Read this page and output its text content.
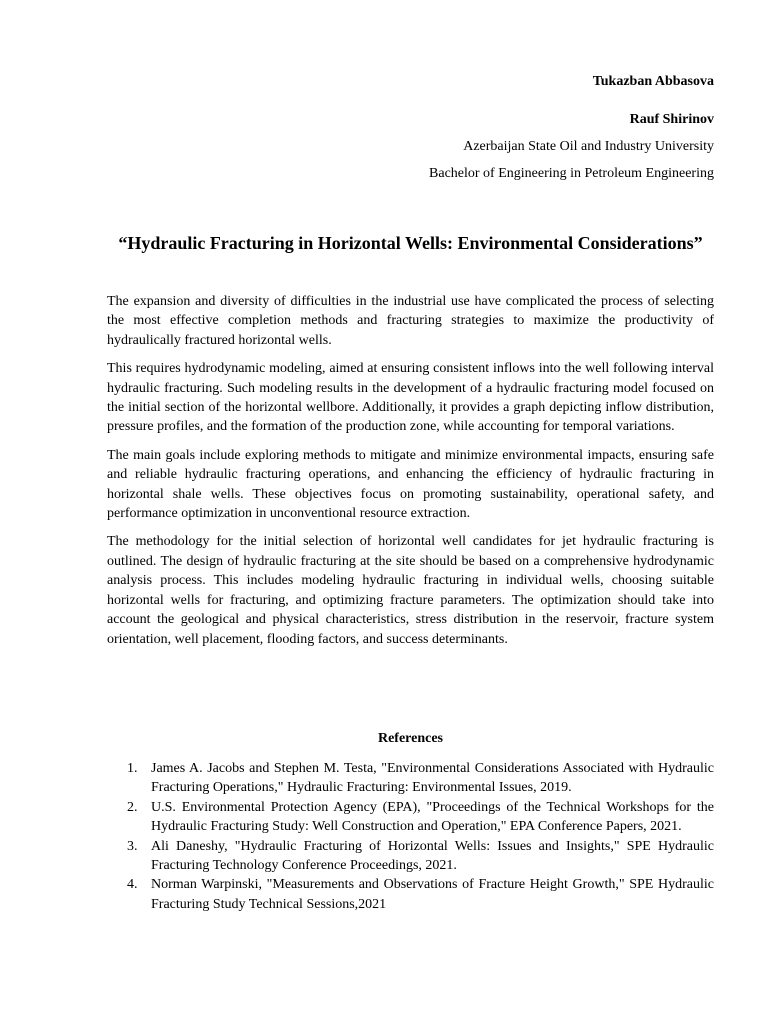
Tukazban Abbasova
Rauf Shirinov
Azerbaijan State Oil and Industry University
Bachelor of Engineering in Petroleum Engineering
“Hydraulic Fracturing in Horizontal Wells: Environmental Considerations”

The expansion and diversity of difficulties in the industrial use have complicated the process of selecting the most effective completion methods and fracturing strategies to maximize the productivity of hydraulically fractured horizontal wells.

This requires hydrodynamic modeling, aimed at ensuring consistent inflows into the well following interval hydraulic fracturing. Such modeling results in the development of a hydraulic fracturing model focused on the initial section of the horizontal wellbore. Additionally, it provides a graph depicting inflow distribution, pressure profiles, and the formation of the production zone, while accounting for temporal variations.

The main goals include exploring methods to mitigate and minimize environmental impacts, ensuring safe and reliable hydraulic fracturing operations, and enhancing the efficiency of hydraulic fracturing in horizontal shale wells. These objectives focus on promoting sustainability, operational safety, and performance optimization in unconventional resource extraction.

The methodology for the initial selection of horizontal well candidates for jet hydraulic fracturing is outlined. The design of hydraulic fracturing at the site should be based on a comprehensive hydrodynamic analysis process. This includes modeling hydraulic fracturing in individual wells, choosing suitable horizontal wells for fracturing, and optimizing fracture parameters. The optimization should take into account the geological and physical characteristics, stress distribution in the reservoir, fracture system orientation, well placement, flooding factors, and success determinants.

References
1. James A. Jacobs and Stephen M. Testa, "Environmental Considerations Associated with Hydraulic Fracturing Operations," Hydraulic Fracturing: Environmental Issues, 2019.
2. U.S. Environmental Protection Agency (EPA), "Proceedings of the Technical Workshops for the Hydraulic Fracturing Study: Well Construction and Operation," EPA Conference Papers, 2021.
3. Ali Daneshy, "Hydraulic Fracturing of Horizontal Wells: Issues and Insights," SPE Hydraulic Fracturing Technology Conference Proceedings, 2021.
4. Norman Warpinski, "Measurements and Observations of Fracture Height Growth," SPE Hydraulic Fracturing Study Technical Sessions,2021
